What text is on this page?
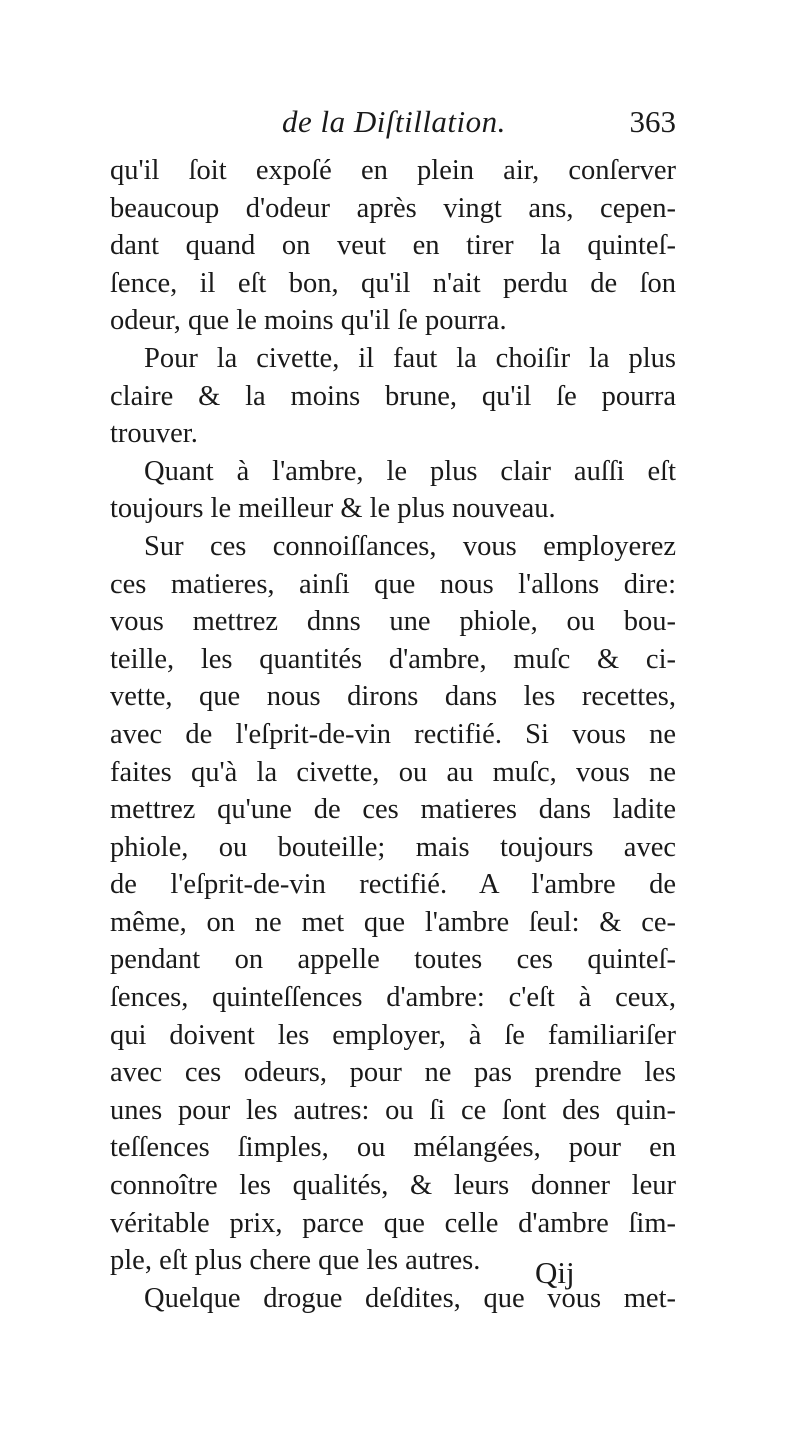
de la Diſtillation.	363
qu'il ſoit expoſé en plein air, conſerver
beaucoup d'odeur après vingt ans, cepen-
dant quand on veut en tirer la quinteſ-
ſence, il eſt bon, qu'il n'ait perdu de ſon
odeur, que le moins qu'il ſe pourra.
Pour la civette, il faut la choiſir la plus
claire & la moins brune, qu'il ſe pourra
trouver.
Quant à l'ambre, le plus clair auſſi eſt
toujours le meilleur & le plus nouveau.
Sur ces connoiſſances, vous employerez
ces matieres, ainſi que nous l'allons dire:
vous mettrez dnns une phiole, ou bou-
teille, les quantités d'ambre, muſc & ci-
vette, que nous dirons dans les recettes,
avec de l'eſprit-de-vin rectifié. Si vous ne
faites qu'à la civette, ou au muſc, vous ne
mettrez qu'une de ces matieres dans ladite
phiole, ou bouteille; mais toujours avec
de l'eſprit-de-vin rectifié. A l'ambre de
même, on ne met que l'ambre ſeul: & ce-
pendant on appelle toutes ces quinteſ-
ſences, quinteſſences d'ambre: c'eſt à ceux,
qui doivent les employer, à ſe familiariſer
avec ces odeurs, pour ne pas prendre les
unes pour les autres: ou ſi ce ſont des quin-
teſſences ſimples, ou mélangées, pour en
connoître les qualités, & leurs donner leur
véritable prix, parce que celle d'ambre ſim-
ple, eſt plus chere que les autres.
Quelque drogue deſdites, que vous met-
Qij
